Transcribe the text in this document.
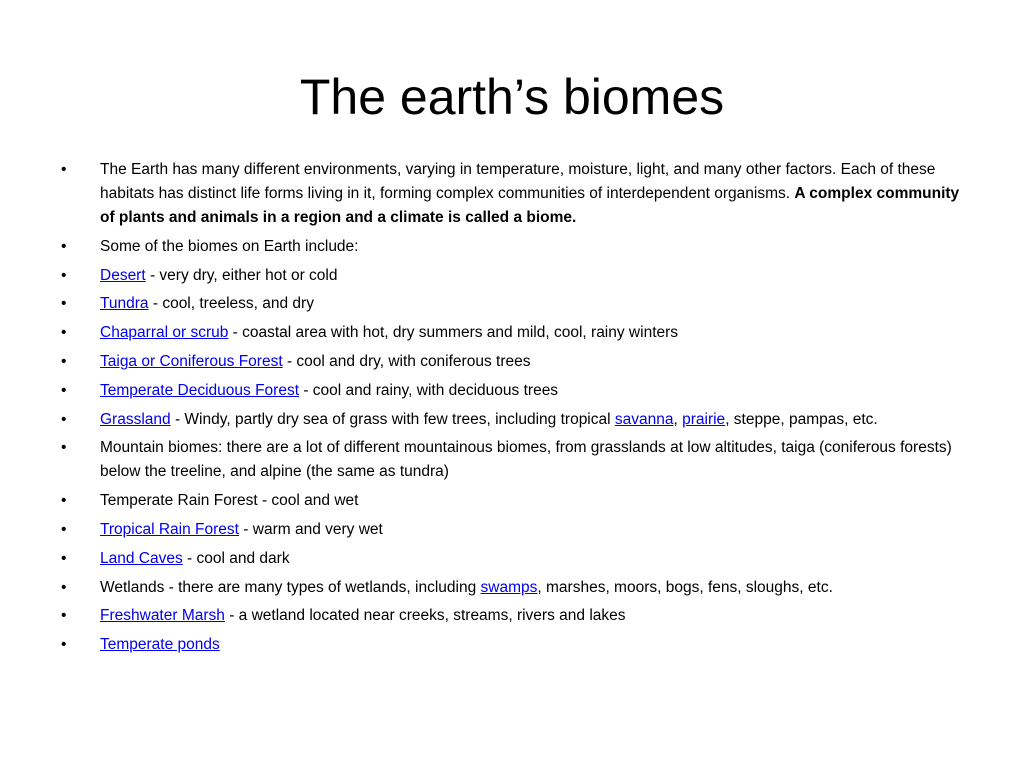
The earth’s biomes
• The Earth has many different environments, varying in temperature, moisture, light, and many other factors. Each of these habitats has distinct life forms living in it, forming complex communities of interdependent organisms. A complex community of plants and animals in a region and a climate is called a biome.
• Some of the biomes on Earth include:
• Desert - very dry, either hot or cold
• Tundra - cool, treeless, and dry
• Chaparral or scrub - coastal area with hot, dry summers and mild, cool, rainy winters
• Taiga or Coniferous Forest - cool and dry, with coniferous trees
• Temperate Deciduous Forest - cool and rainy, with deciduous trees
• Grassland - Windy, partly dry sea of grass with few trees, including tropical savanna, prairie, steppe, pampas, etc.
• Mountain biomes: there are a lot of different mountainous biomes, from grasslands at low altitudes, taiga (coniferous forests) below the treeline, and alpine (the same as tundra)
• Temperate Rain Forest - cool and wet
• Tropical Rain Forest - warm and very wet
• Land Caves - cool and dark
• Wetlands - there are many types of wetlands, including swamps, marshes, moors, bogs, fens, sloughs, etc.
• Freshwater Marsh - a wetland located near creeks, streams, rivers and lakes
• Temperate ponds
